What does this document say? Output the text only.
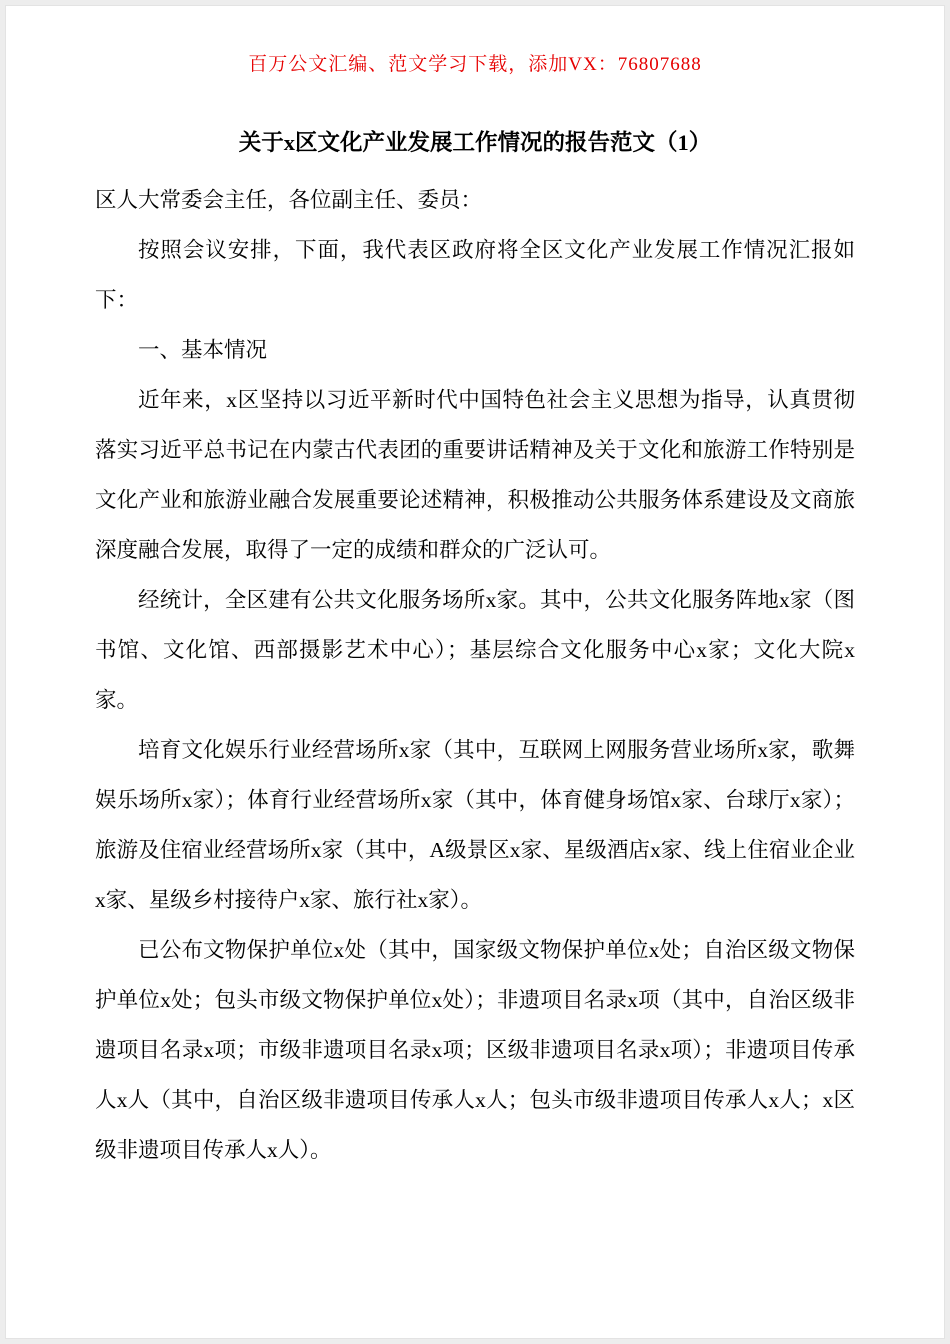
百万公文汇编、范文学习下载，添加VX：76807688
关于x区文化产业发展工作情况的报告范文（1）

区人大常委会主任，各位副主任、委员：

按照会议安排，下面，我代表区政府将全区文化产业发展工作情况汇报如下：

一、基本情况

近年来，x区坚持以习近平新时代中国特色社会主义思想为指导，认真贯彻落实习近平总书记在内蒙古代表团的重要讲话精神及关于文化和旅游工作特别是文化产业和旅游业融合发展重要论述精神，积极推动公共服务体系建设及文商旅深度融合发展，取得了一定的成绩和群众的广泛认可。

经统计，全区建有公共文化服务场所x家。其中，公共文化服务阵地x家（图书馆、文化馆、西部摄影艺术中心）；基层综合文化服务中心x家；文化大院x家。

培育文化娱乐行业经营场所x家（其中，互联网上网服务营业场所x家，歌舞娱乐场所x家）；体育行业经营场所x家（其中，体育健身场馆x家、台球厅x家）；旅游及住宿业经营场所x家（其中，A级景区x家、星级酒店x家、线上住宿业企业x家、星级乡村接待户x家、旅行社x家）。

已公布文物保护单位x处（其中，国家级文物保护单位x处；自治区级文物保护单位x处；包头市级文物保护单位x处）；非遗项目名录x项（其中，自治区级非遗项目名录x项；市级非遗项目名录x项；区级非遗项目名录x项）；非遗项目传承人x人（其中，自治区级非遗项目传承人x人；包头市级非遗项目传承人x人；x区级非遗项目传承人x人）。
